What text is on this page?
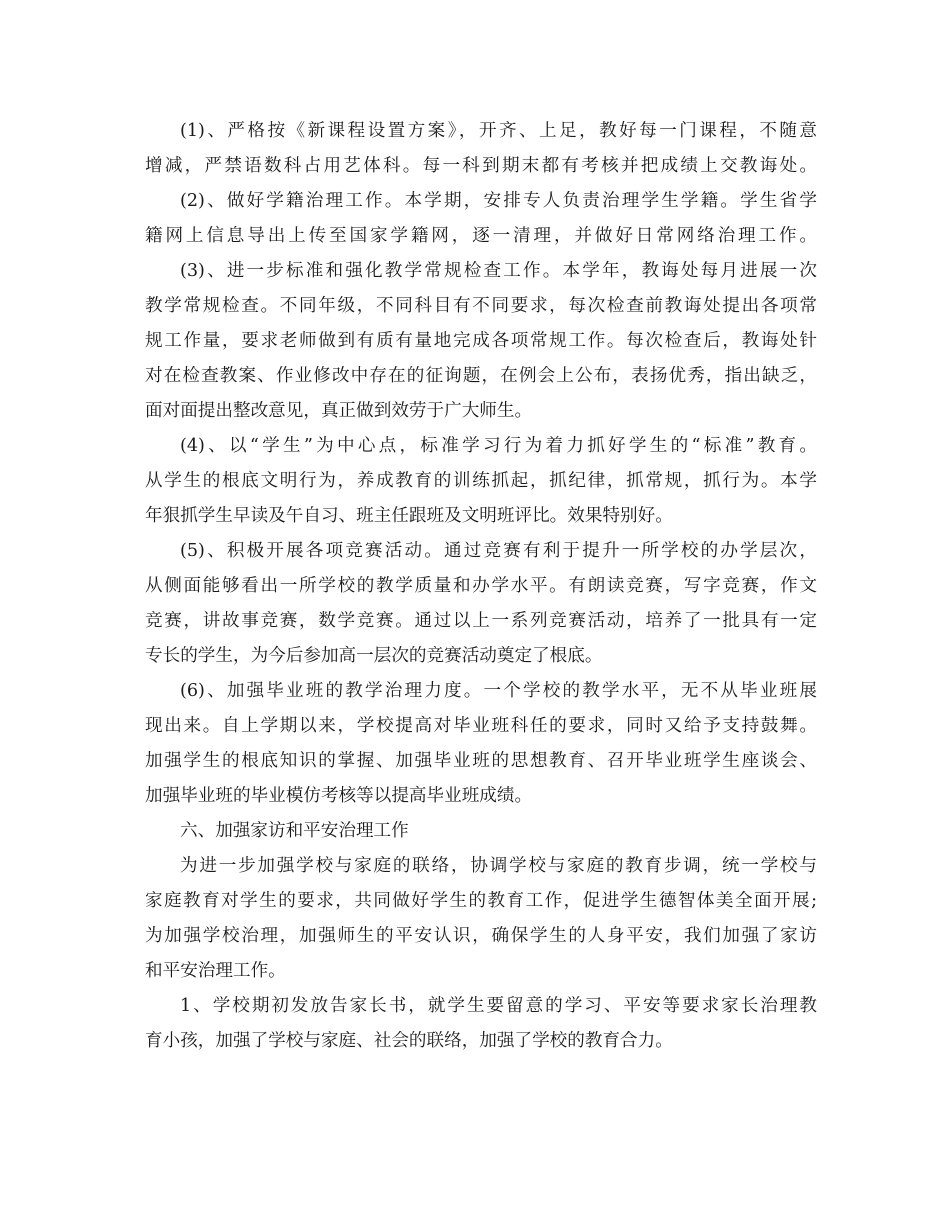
(1)、严格按《新课程设置方案》，开齐、上足，教好每一门课程，不随意
增减，严禁语数科占用艺体科。每一科到期末都有考核并把成绩上交教诲处。
(2)、做好学籍治理工作。本学期，安排专人负责治理学生学籍。学生省学
籍网上信息导出上传至国家学籍网，逐一清理，并做好日常网络治理工作。
(3)、进一步标准和强化教学常规检查工作。本学年，教诲处每月进展一次
教学常规检查。不同年级，不同科目有不同要求，每次检查前教诲处提出各项常
规工作量，要求老师做到有质有量地完成各项常规工作。每次检查后，教诲处针
对在检查教案、作业修改中存在的征询题，在例会上公布，表扬优秀，指出缺乏，
面对面提出整改意见，真正做到效劳于广大师生。
(4)、以“学生”为中心点，标准学习行为着力抓好学生的“标准”教育。
从学生的根底文明行为，养成教育的训练抓起，抓纪律，抓常规，抓行为。本学
年狠抓学生早读及午自习、班主任跟班及文明班评比。效果特别好。
(5)、积极开展各项竞赛活动。通过竞赛有利于提升一所学校的办学层次，
从侧面能够看出一所学校的教学质量和办学水平。有朗读竞赛，写字竞赛，作文
竞赛，讲故事竞赛，数学竞赛。通过以上一系列竞赛活动，培养了一批具有一定
专长的学生，为今后参加高一层次的竞赛活动奠定了根底。
(6)、加强毕业班的教学治理力度。一个学校的教学水平，无不从毕业班展
现出来。自上学期以来，学校提高对毕业班科任的要求，同时又给予支持鼓舞。
加强学生的根底知识的掌握、加强毕业班的思想教育、召开毕业班学生座谈会、
加强毕业班的毕业模仿考核等以提高毕业班成绩。
六、加强家访和平安治理工作
为进一步加强学校与家庭的联络，协调学校与家庭的教育步调，统一学校与
家庭教育对学生的要求，共同做好学生的教育工作，促进学生德智体美全面开展;
为加强学校治理，加强师生的平安认识，确保学生的人身平安，我们加强了家访
和平安治理工作。
1、学校期初发放告家长书，就学生要留意的学习、平安等要求家长治理教
育小孩，加强了学校与家庭、社会的联络，加强了学校的教育合力。
